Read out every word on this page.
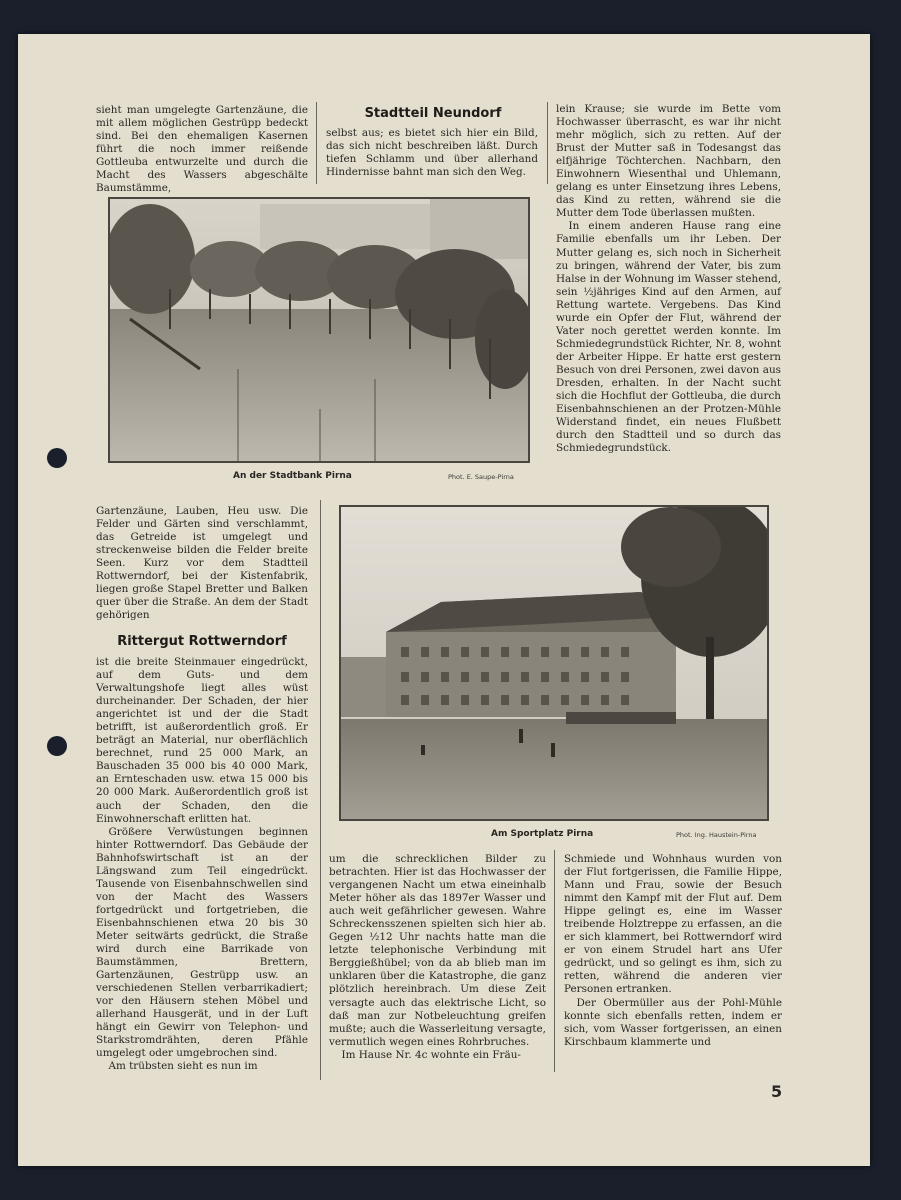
sieht man umgelegte Gartenzäune, die mit allem möglichen Gestrüpp bedeckt sind. Bei den ehemaligen Kasernen führt die noch immer reißende Gottleuba entwurzelte und durch die Macht des Wassers abgeschälte Baumstämme,

Stadtteil Neundorf

selbst aus; es bietet sich hier ein Bild, das sich nicht beschreiben läßt. Durch tiefen Schlamm und über allerhand Hindernisse bahnt man sich den Weg.

lein Krause; sie wurde im Bette vom Hochwasser überrascht, es war ihr nicht mehr möglich, sich zu retten. Auf der Brust der Mutter saß in Todesangst das elfjährige Töchterchen. Nachbarn, den Einwohnern Wiesenthal und Uhlemann, gelang es unter Einsetzung ihres Lebens, das Kind zu retten, während sie die Mutter dem Tode überlassen mußten.

In einem anderen Hause rang eine Familie ebenfalls um ihr Leben. Der Mutter gelang es, sich noch in Sicherheit zu bringen, während der Vater, bis zum Halse in der Wohnung im Wasser stehend, sein ½jähriges Kind auf den Armen, auf Rettung wartete. Vergebens. Das Kind wurde ein Opfer der Flut, während der Vater noch gerettet werden konnte. Im Schmiedegrundstück Richter, Nr. 8, wohnt der Arbeiter Hippe. Er hatte erst gestern Besuch von drei Personen, zwei davon aus Dresden, erhalten. In der Nacht sucht sich die Hochflut der Gottleuba, die durch Eisenbahnschienen an der Protzen-Mühle Widerstand findet, ein neues Flußbett durch den Stadtteil und so durch das Schmiedegrundstück.

An der Stadtbank Pirna	Phot. E. Saupe-Pirna

Gartenzäune, Lauben, Heu usw. Die Felder und Gärten sind verschlammt, das Getreide ist umgelegt und streckenweise bilden die Felder breite Seen. Kurz vor dem Stadtteil Rottwerndorf, bei der Kistenfabrik, liegen große Stapel Bretter und Balken quer über die Straße. An dem der Stadt gehörigen

Rittergut Rottwerndorf

ist die breite Steinmauer eingedrückt, auf dem Guts- und dem Verwaltungshofe liegt alles wüst durcheinander. Der Schaden, der hier angerichtet ist und der die Stadt betrifft, ist außerordentlich groß. Er beträgt an Material, nur oberflächlich berechnet, rund 25 000 Mark, an Bauschaden 35 000 bis 40 000 Mark, an Ernteschaden usw. etwa 15 000 bis 20 000 Mark. Außerordentlich groß ist auch der Schaden, den die Einwohnerschaft erlitten hat.

Größere Verwüstungen beginnen hinter Rottwerndorf. Das Gebäude der Bahnhofswirtschaft ist an der Längswand zum Teil eingedrückt. Tausende von Eisenbahnschwellen sind von der Macht des Wassers fortgedrückt und fortgetrieben, die Eisenbahnschienen etwa 20 bis 30 Meter seitwärts gedrückt, die Straße wird durch eine Barrikade von Baumstämmen, Brettern, Gartenzäunen, Gestrüpp usw. an verschiedenen Stellen verbarrikadiert; vor den Häusern stehen Möbel und allerhand Hausgerät, und in der Luft hängt ein Gewirr von Telephon- und Starkstromdrähten, deren Pfähle umgelegt oder umgebrochen sind.

Am trübsten sieht es nun im

Am Sportplatz Pirna	Phot. Ing. Haustein-Pirna

um die schrecklichen Bilder zu betrachten. Hier ist das Hochwasser der vergangenen Nacht um etwa eineinhalb Meter höher als das 1897er Wasser und auch weit gefährlicher gewesen. Wahre Schreckensszenen spielten sich hier ab. Gegen ½12 Uhr nachts hatte man die letzte telephonische Verbindung mit Berggießhübel; von da ab blieb man im unklaren über die Katastrophe, die ganz plötzlich hereinbrach. Um diese Zeit versagte auch das elektrische Licht, so daß man zur Notbeleuchtung greifen mußte; auch die Wasserleitung versagte, vermutlich wegen eines Rohrbruches.

Im Hause Nr. 4c wohnte ein Fräu-

Schmiede und Wohnhaus wurden von der Flut fortgerissen, die Familie Hippe, Mann und Frau, sowie der Besuch nimmt den Kampf mit der Flut auf. Dem Hippe gelingt es, eine im Wasser treibende Holztreppe zu erfassen, an die er sich klammert, bei Rottwerndorf wird er von einem Strudel hart ans Ufer gedrückt, und so gelingt es ihm, sich zu retten, während die anderen vier Personen ertranken.

Der Obermüller aus der Pohl-Mühle konnte sich ebenfalls retten, indem er sich, vom Wasser fortgerissen, an einen Kirschbaum klammerte und

5
